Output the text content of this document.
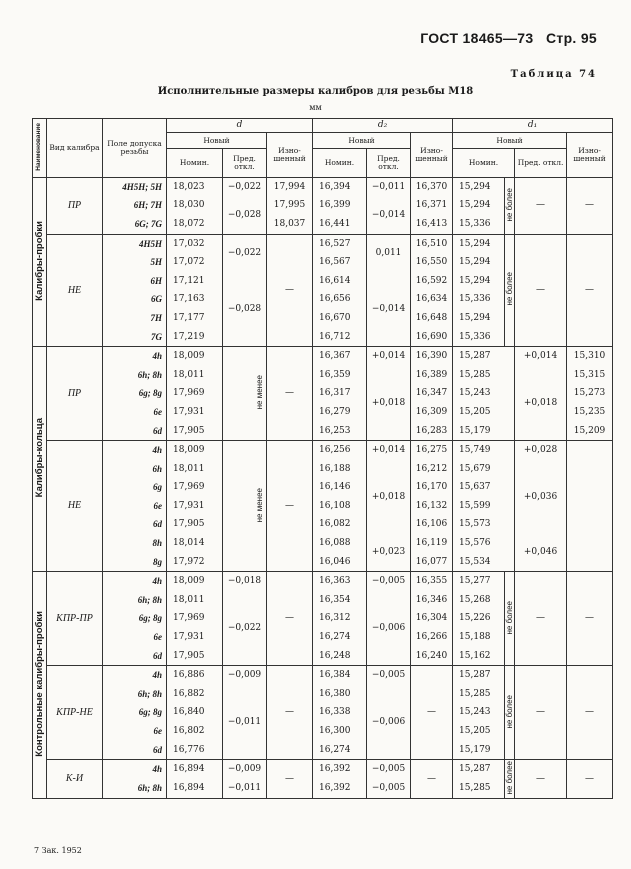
ГОСТ 18465—73 Стр. 95
Таблица 74
Исполнительные размеры калибров для резьбы М18
мм
Наименование	Вид калибра	Поле допуска резьбы	d			d₂			d₁			
			Новый		Изно-шенный	Новый		Изно-шенный	Новый			Изно-шенный
			Номин.	Пред. откл.		Номин.	Пред. откл.		Номин.		Пред. откл.	
Калибры-пробки	ПР	4H5H; 5H	18,023	−0,022	17,994	16,394	−0,011	16,370	15,294	не более	—	—
		6H; 7H	18,030	−0,028	17,995	16,399	−0,014	16,371	15,294			
		6G; 7G	18,072		18,037	16,441		16,413	15,336			
	НЕ	4H5H	17,032	−0,022	—	16,527	0,011	16,510	15,294	не более	—	—
		5H	17,072			16,567		16,550	15,294			
		6H	17,121	−0,028		16,614	−0,014	16,592	15,294			
		6G	17,163			16,656		16,634	15,336			
		7H	17,177			16,670		16,648	15,294			
		7G	17,219			16,712		16,690	15,336			
Калибры-кольца	ПР	4h	18,009	не менее	—	16,367	+0,014	16,390	15,287		+0,014	15,310
		6h; 8h	18,011			16,359	+0,018	16,389	15,285		+0,018	15,315
		6g; 8g	17,969			16,317		16,347	15,243			15,273
		6e	17,931			16,279		16,309	15,205			15,235
		6d	17,905			16,253		16,283	15,179			15,209
	НЕ	4h	18,009	не менее	—	16,256	+0,014	16,275	15,749		+0,028	
		6h	18,011			16,188	+0,018	16,212	15,679		+0,036	
		6g	17,969			16,146		16,170	15,637			
		6e	17,931			16,108		16,132	15,599			
		6d	17,905			16,082		16,106	15,573			
		8h	18,014			16,088	+0,023	16,119	15,576		+0,046	
		8g	17,972			16,046		16,077	15,534			
Контрольные калибры-пробки	КПР-ПР	4h	18,009	−0,018	—	16,363	−0,005	16,355	15,277	не более	—	—
		6h; 8h	18,011	−0,022		16,354	−0,006	16,346	15,268			
		6g; 8g	17,969			16,312		16,304	15,226			
		6e	17,931			16,274		16,266	15,188			
		6d	17,905			16,248		16,240	15,162			
	КПР-НЕ	4h	16,886	−0,009	—	16,384	−0,005	—	15,287	не более	—	—
		6h; 8h	16,882	−0,011		16,380	−0,006		15,285			
		6g; 8g	16,840			16,338			15,243			
		6e	16,802			16,300			15,205			
		6d	16,776			16,274			15,179			
	К-И	4h	16,894	−0,009	—	16,392	−0,005	—	15,287	не более	—	—
		6h; 8h	16,894	−0,011		16,392	−0,005		15,285			
7 Зак. 1952
